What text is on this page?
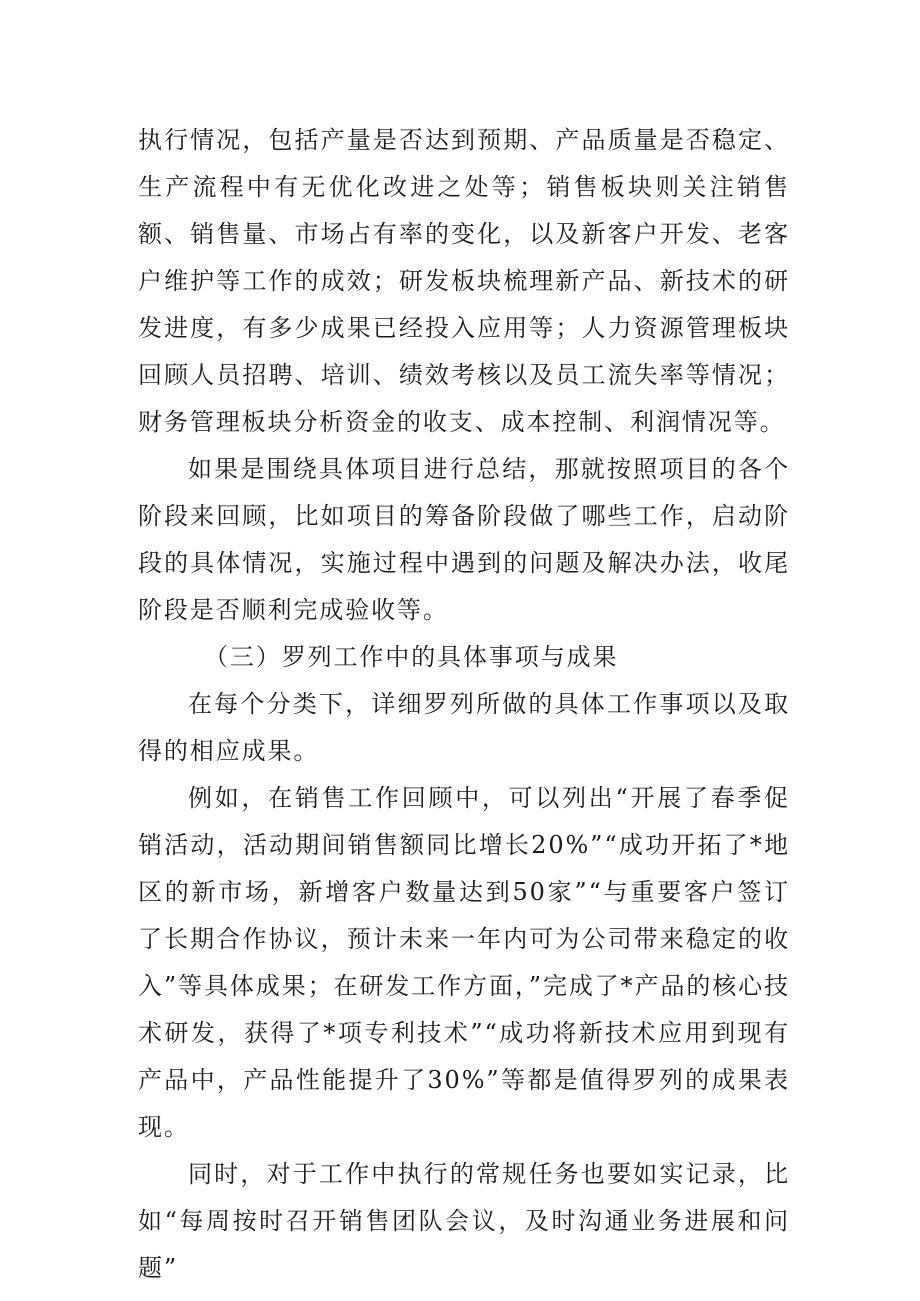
执行情况，包括产量是否达到预期、产品质量是否稳定、生产流程中有无优化改进之处等；销售板块则关注销售额、销售量、市场占有率的变化，以及新客户开发、老客户维护等工作的成效；研发板块梳理新产品、新技术的研发进度，有多少成果已经投入应用等；人力资源管理板块回顾人员招聘、培训、绩效考核以及员工流失率等情况；财务管理板块分析资金的收支、成本控制、利润情况等。

如果是围绕具体项目进行总结，那就按照项目的各个阶段来回顾，比如项目的筹备阶段做了哪些工作，启动阶段的具体情况，实施过程中遇到的问题及解决办法，收尾阶段是否顺利完成验收等。

（三）罗列工作中的具体事项与成果

在每个分类下，详细罗列所做的具体工作事项以及取得的相应成果。

例如，在销售工作回顾中，可以列出“开展了春季促销活动，活动期间销售额同比增长20%”“成功开拓了*地区的新市场，新增客户数量达到50家”“与重要客户签订了长期合作协议，预计未来一年内可为公司带来稳定的收入”等具体成果；在研发工作方面，”完成了*产品的核心技术研发，获得了*项专利技术”“成功将新技术应用到现有产品中，产品性能提升了30%”等都是值得罗列的成果表现。

同时，对于工作中执行的常规任务也要如实记录，比如“每周按时召开销售团队会议，及时沟通业务进展和问题”
